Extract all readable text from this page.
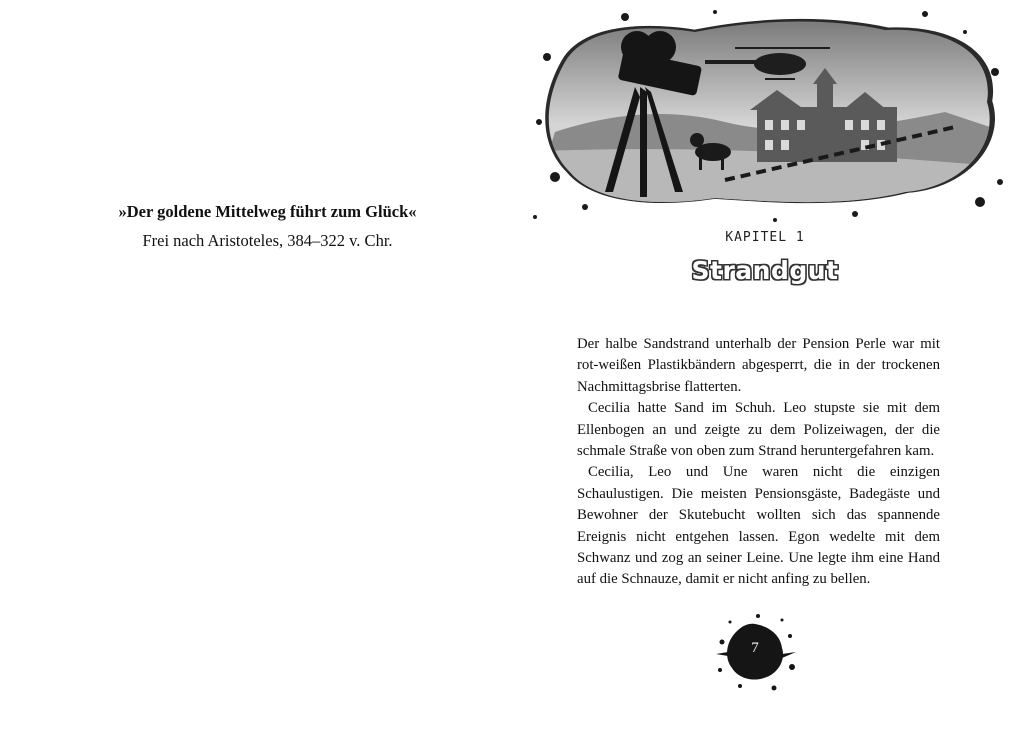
»Der goldene Mittelweg führt zum Glück«
Frei nach Aristoteles, 384–322 v. Chr.	KAPITEL 1
Strandgut

Der halbe Sandstrand unterhalb der Pension Perle war mit rot-weißen Plastikbändern abgesperrt, die in der trockenen Nachmittagsbrise flatterten.

Cecilia hatte Sand im Schuh. Leo stupste sie mit dem Ellenbogen an und zeigte zu dem Polizeiwagen, der die schmale Straße von oben zum Strand heruntergefahren kam.

Cecilia, Leo und Une waren nicht die einzigen Schaulustigen. Die meisten Pensionsgäste, Badegäste und Bewohner der Skutebucht wollten sich das spannende Ereignis nicht entgehen lassen. Egon wedelte mit dem Schwanz und zog an seiner Leine. Une legte ihm eine Hand auf die Schnauze, damit er nicht anfing zu bellen.

7
